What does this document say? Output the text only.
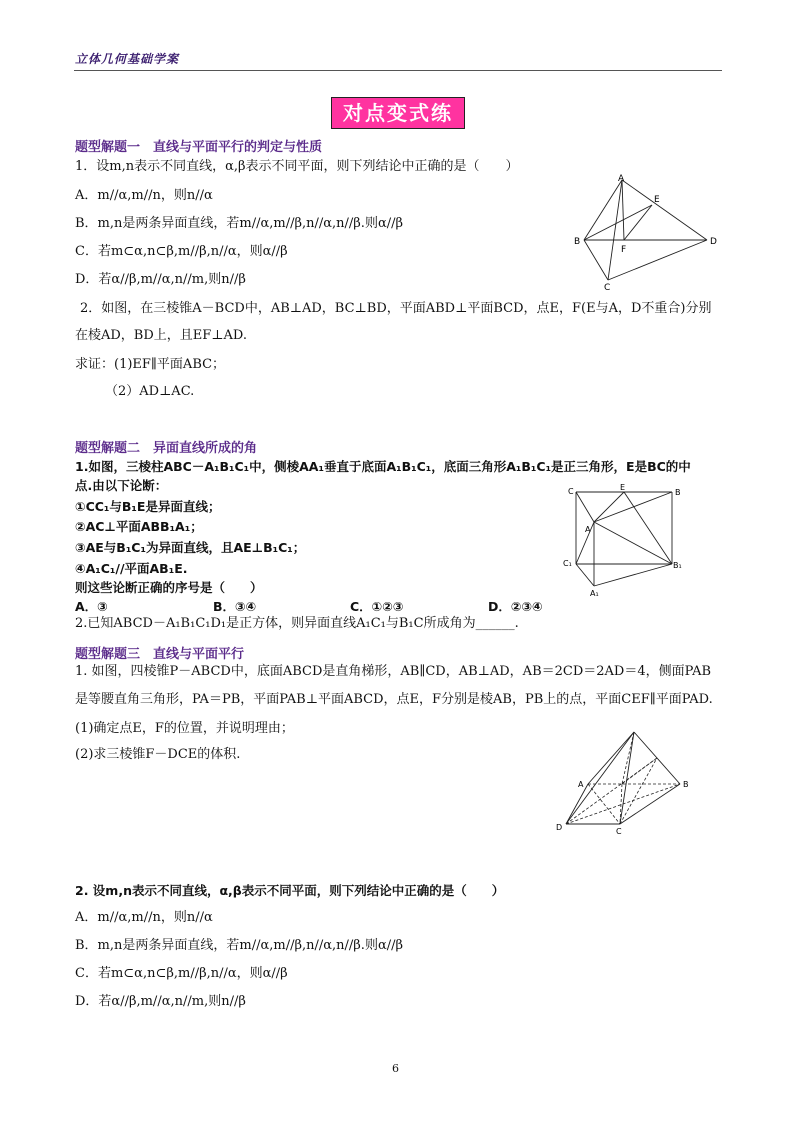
立体几何基础学案
对点变式练
题型解题一　直线与平面平行的判定与性质
1．设m,n表示不同直线，α,β表示不同平面，则下列结论中正确的是（　　）
A．m//α,m//n，则n//α
B．m,n是两条异面直线，若m//α,m//β,n//α,n//β.则α//β
C．若m⊂α,n⊂β,m//β,n//α，则α//β
D．若α//β,m//α,n//m,则n//β
A
E
B
F
D
C
2．如图，在三棱锥A－BCD中，AB⊥AD，BC⊥BD，平面ABD⊥平面BCD，点E，F(E与A，D不重合)分别
在棱AD，BD上，且EF⊥AD.
求证：(1)EF∥平面ABC；
（2）AD⊥AC.
题型解题二　异面直线所成的角
1.如图，三棱柱ABC－A₁B₁C₁中，侧棱AA₁垂直于底面A₁B₁C₁，底面三角形A₁B₁C₁是正三角形，E是BC的中
点.由以下论断：
①CC₁与B₁E是异面直线；
②AC⊥平面ABB₁A₁；
③AE与B₁C₁为异面直线，且AE⊥B₁C₁；
④A₁C₁//平面AB₁E.
则这些论断正确的序号是（　　）
A．③	B．③④	C．①②③	D．②③④
2.已知ABCD－A₁B₁C₁D₁是正方体，则异面直线A₁C₁与B₁C所成角为______.
C	E
B
A
C₁	B₁
A₁
题型解题三　直线与平面平行
1. 如图，四棱锥P－ABCD中，底面ABCD是直角梯形，AB∥CD，AB⊥AD，AB＝2CD＝2AD＝4，侧面PAB
是等腰直角三角形，PA＝PB，平面PAB⊥平面ABCD，点E，F分别是棱AB，PB上的点，平面CEF∥平面PAD.
(1)确定点E，F的位置，并说明理由；
(2)求三棱锥F－DCE的体积.
A	B
D	C
2. 设m,n表示不同直线，α,β表示不同平面，则下列结论中正确的是（　　）
A．m//α,m//n，则n//α
B．m,n是两条异面直线，若m//α,m//β,n//α,n//β.则α//β
C．若m⊂α,n⊂β,m//β,n//α，则α//β
D．若α//β,m//α,n//m,则n//β
6
